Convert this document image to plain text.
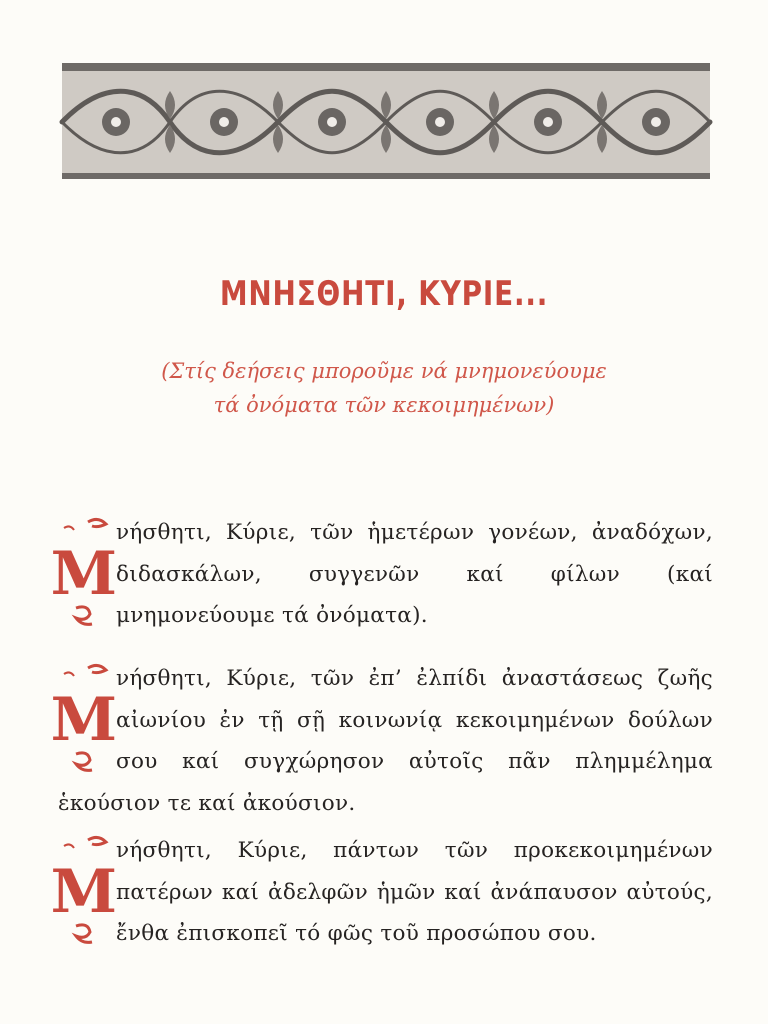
ΜΝΗΣΘΗΤΙ, ΚΥΡΙΕ...
(Στίς δεήσεις μποροῦμε νά μνημονεύουμε
τά ὀνόματα τῶν κεκοιμημένων)
Μ
νήσθητι, Κύριε, τῶν ἡμετέρων γονέων, ἀναδόχων, διδασκάλων, συγγενῶν καί φίλων (καί μνημονεύουμε τά ὀνόματα).
Μ
νήσθητι, Κύριε, τῶν ἐπ’ ἐλπίδι ἀναστάσεως ζωῆς αἰωνίου ἐν τῇ σῇ κοινωνίᾳ κεκοιμημένων δούλων σου καί συγχώρησον αὐτοῖς πᾶν πλημμέλημα ἑκούσιον τε καί ἀκούσιον.
Μ
νήσθητι, Κύριε, πάντων τῶν προκεκοιμημένων πατέρων καί ἀδελφῶν ἡμῶν καί ἀνάπαυσον αὐτούς, ἔνθα ἐπισκοπεῖ τό φῶς τοῦ προσώπου σου.
